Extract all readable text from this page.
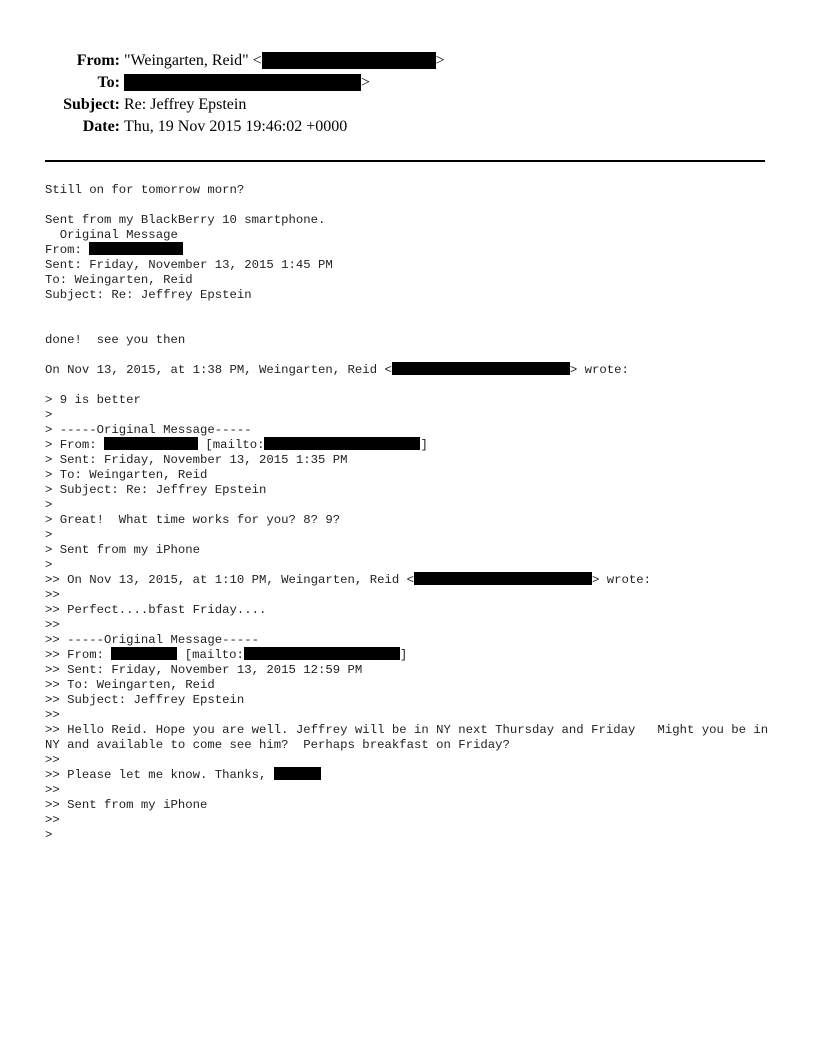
From: "Weingarten, Reid" <	>
To:	>
Subject: Re: Jeffrey Epstein
Date: Thu, 19 Nov 2015 19:46:02 +0000
Still on for tomorrow morn?
Sent from my BlackBerry 10 smartphone.
Original Message
From:
Sent: Friday, November 13, 2015 1:45 PM
To: Weingarten, Reid
Subject: Re: Jeffrey Epstein
done!  see you then
On Nov 13, 2015, at 1:38 PM, Weingarten, Reid <	> wrote:
> 9 is better
>
> -----Original Message-----
> From:	[mailto:	]
> Sent: Friday, November 13, 2015 1:35 PM
> To: Weingarten, Reid
> Subject: Re: Jeffrey Epstein
>
> Great!  What time works for you? 8? 9?
>
> Sent from my iPhone
>
>> On Nov 13, 2015, at 1:10 PM, Weingarten, Reid <	> wrote:
>>
>> Perfect....bfast Friday....
>>
>> -----Original Message-----
>> From:	[mailto:	]
>> Sent: Friday, November 13, 2015 12:59 PM
>> To: Weingarten, Reid
>> Subject: Jeffrey Epstein
>>
>> Hello Reid. Hope you are well. Jeffrey will be in NY next Thursday and Friday   Might you be in NY and available to come see him?  Perhaps breakfast on Friday?
>>
>> Please let me know. Thanks,
>>
>> Sent from my iPhone
>>
>
